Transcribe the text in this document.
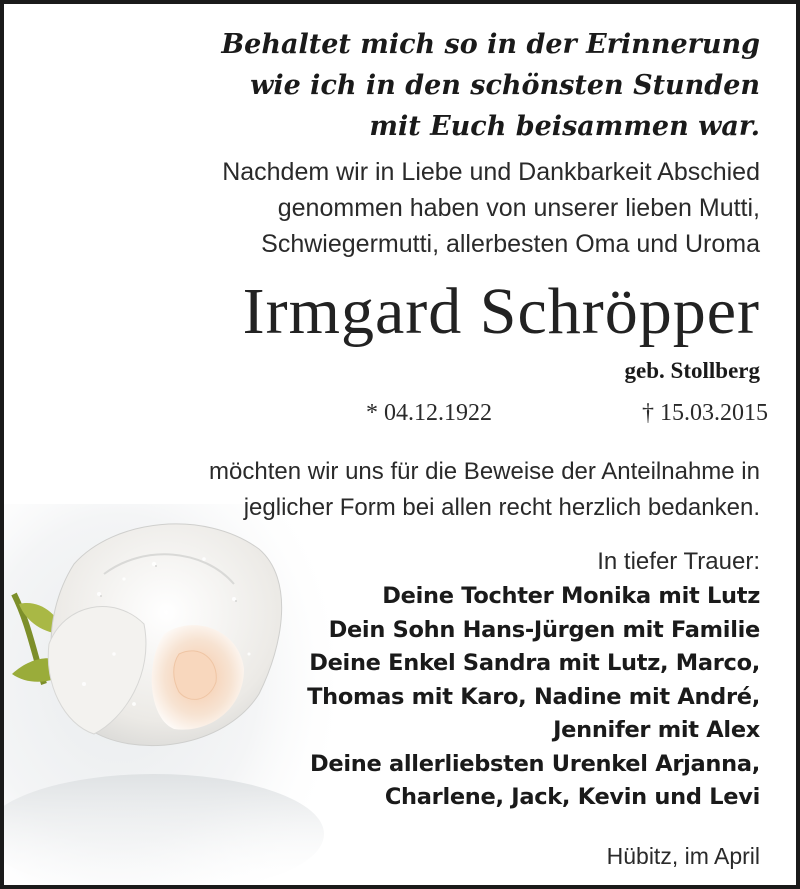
Behaltet mich so in der Erinnerung
wie ich in den schönsten Stunden
mit Euch beisammen war.
Nachdem wir in Liebe und Dankbarkeit Abschied
genommen haben von unserer lieben Mutti,
Schwiegermutti, allerbesten Oma und Uroma
Irmgard Schröpper
geb. Stollberg
* 04.12.1922	† 15.03.2015
möchten wir uns für die Beweise der Anteilnahme in
jeglicher Form bei allen recht herzlich bedanken.
In tiefer Trauer:
Deine Tochter Monika mit Lutz
Dein Sohn Hans-Jürgen mit Familie
Deine Enkel Sandra mit Lutz, Marco,
Thomas mit Karo, Nadine mit André,
Jennifer mit Alex
Deine allerliebsten Urenkel Arjanna,
Charlene, Jack, Kevin und Levi
Hübitz, im April
